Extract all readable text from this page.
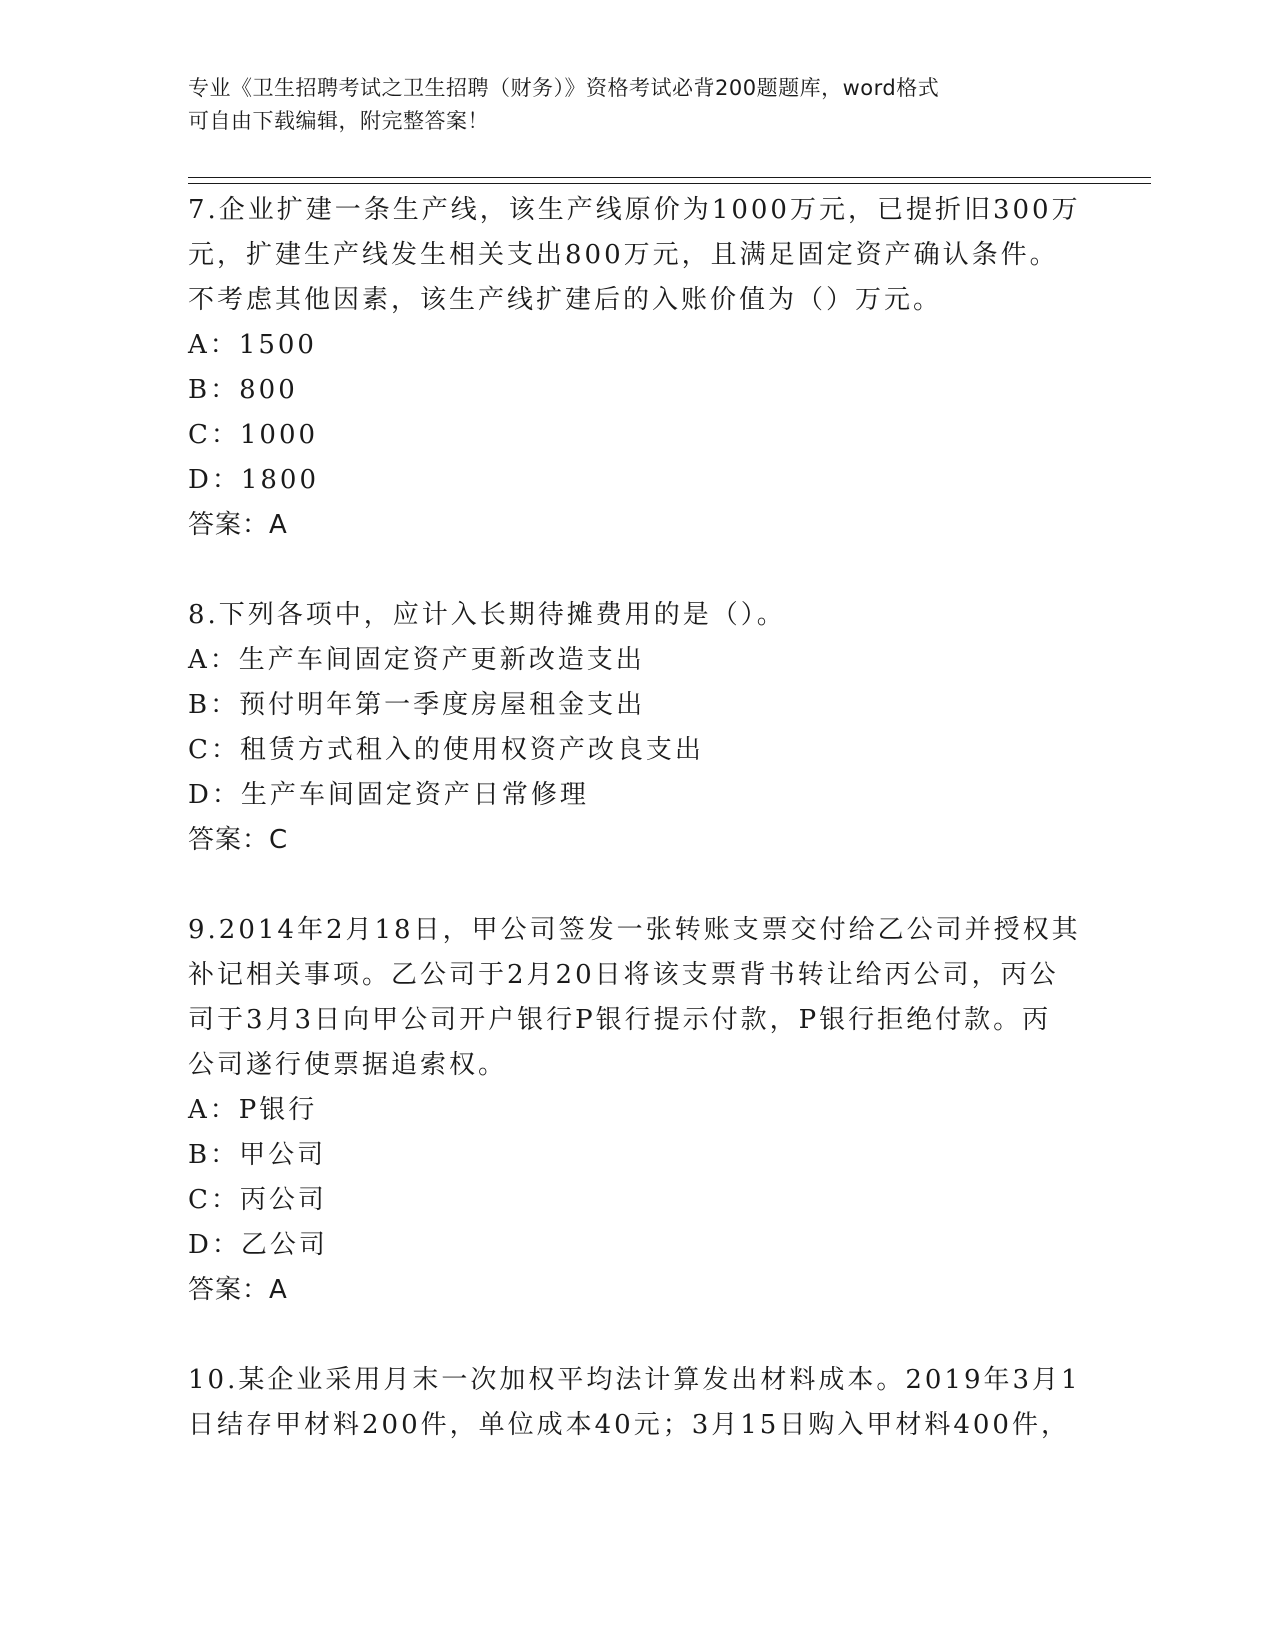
专业《卫生招聘考试之卫生招聘（财务）》资格考试必背200题题库，word格式
可自由下载编辑，附完整答案！
7.企业扩建一条生产线，该生产线原价为1000万元，已提折旧300万
元，扩建生产线发生相关支出800万元，且满足固定资产确认条件。
不考虑其他因素，该生产线扩建后的入账价值为（）万元。
A：1500
B：800
C：1000
D：1800
答案：A
8.下列各项中，应计入长期待摊费用的是（）。
A：生产车间固定资产更新改造支出
B：预付明年第一季度房屋租金支出
C：租赁方式租入的使用权资产改良支出
D：生产车间固定资产日常修理
答案：C
9.2014年2月18日，甲公司签发一张转账支票交付给乙公司并授权其
补记相关事项。乙公司于2月20日将该支票背书转让给丙公司，丙公
司于3月3日向甲公司开户银行P银行提示付款，P银行拒绝付款。丙
公司遂行使票据追索权。
A：P银行
B：甲公司
C：丙公司
D：乙公司
答案：A
10.某企业采用月末一次加权平均法计算发出材料成本。2019年3月1
日结存甲材料200件，单位成本40元；3月15日购入甲材料400件，
